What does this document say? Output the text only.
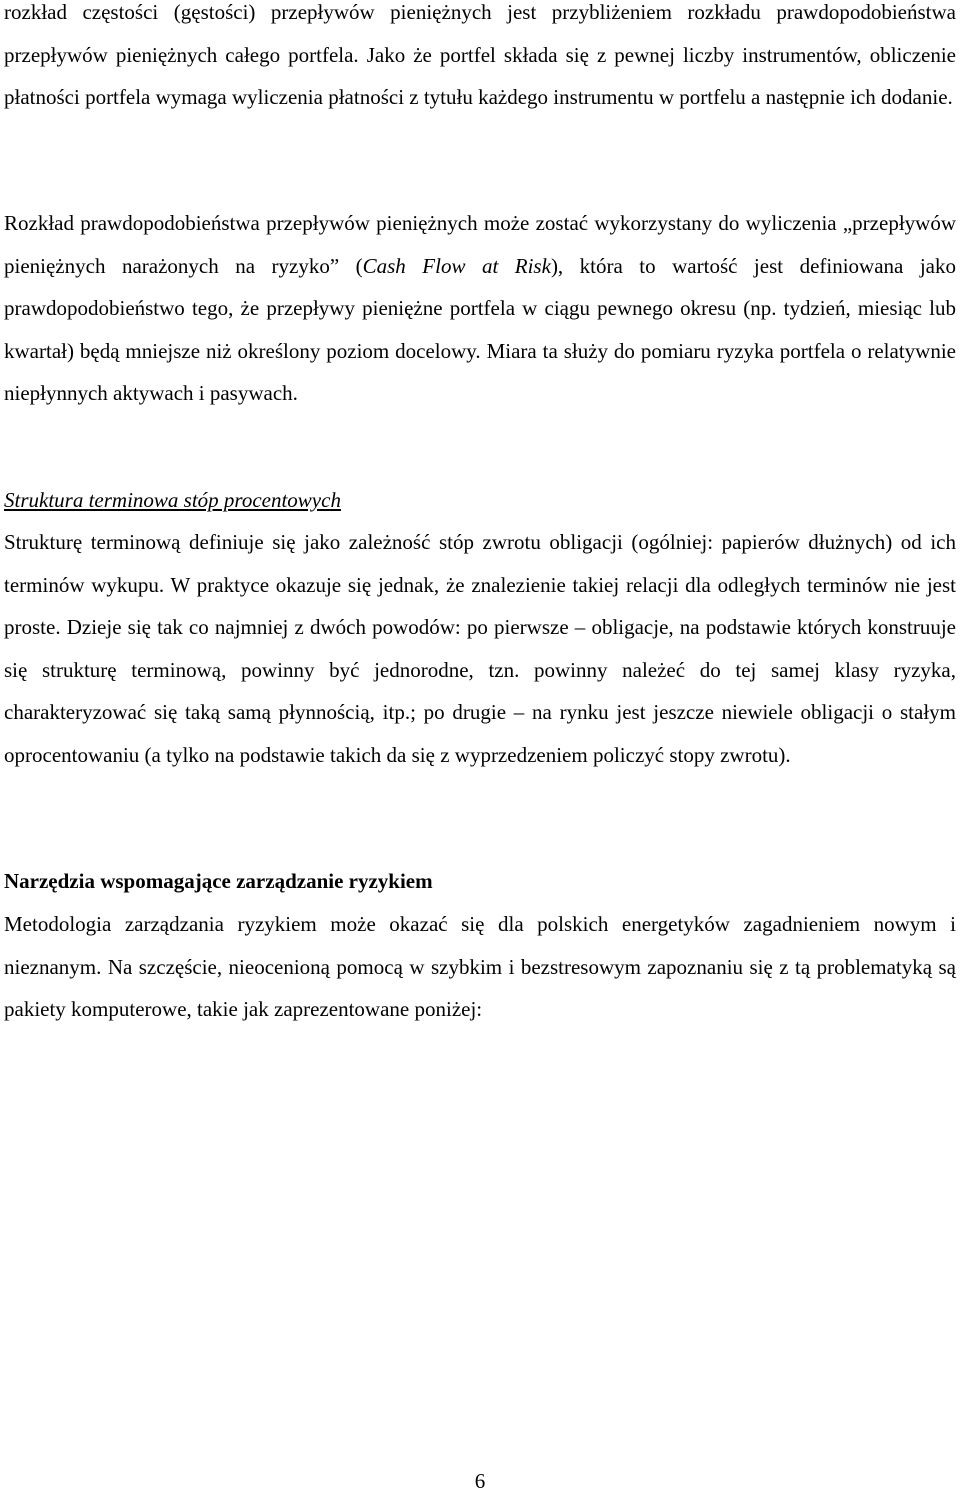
rozkład częstości (gęstości) przepływów pieniężnych jest przybliżeniem rozkładu prawdopodobieństwa przepływów pieniężnych całego portfela. Jako że portfel składa się z pewnej liczby instrumentów, obliczenie płatności portfela wymaga wyliczenia płatności z tytułu każdego instrumentu w portfelu a następnie ich dodanie.

Rozkład prawdopodobieństwa przepływów pieniężnych może zostać wykorzystany do wyliczenia „przepływów pieniężnych narażonych na ryzyko” (Cash Flow at Risk), która to wartość jest definiowana jako prawdopodobieństwo tego, że przepływy pieniężne portfela w ciągu pewnego okresu (np. tydzień, miesiąc lub kwartał) będą mniejsze niż określony poziom docelowy. Miara ta służy do pomiaru ryzyka portfela o relatywnie niepłynnych aktywach i pasywach.

Struktura terminowa stóp procentowych

Strukturę terminową definiuje się jako zależność stóp zwrotu obligacji (ogólniej: papierów dłużnych) od ich terminów wykupu. W praktyce okazuje się jednak, że znalezienie takiej relacji dla odległych terminów nie jest proste. Dzieje się tak co najmniej z dwóch powodów: po pierwsze – obligacje, na podstawie których konstruuje się strukturę terminową, powinny być jednorodne, tzn. powinny należeć do tej samej klasy ryzyka, charakteryzować się taką samą płynnością, itp.; po drugie – na rynku jest jeszcze niewiele obligacji o stałym oprocentowaniu (a tylko na podstawie takich da się z wyprzedzeniem policzyć stopy zwrotu).

Narzędzia wspomagające zarządzanie ryzykiem

Metodologia zarządzania ryzykiem może okazać się dla polskich energetyków zagadnieniem nowym i nieznanym. Na szczęście, nieocenioną pomocą w szybkim i bezstresowym zapoznaniu się z tą problematyką są pakiety komputerowe, takie jak zaprezentowane poniżej:

6
